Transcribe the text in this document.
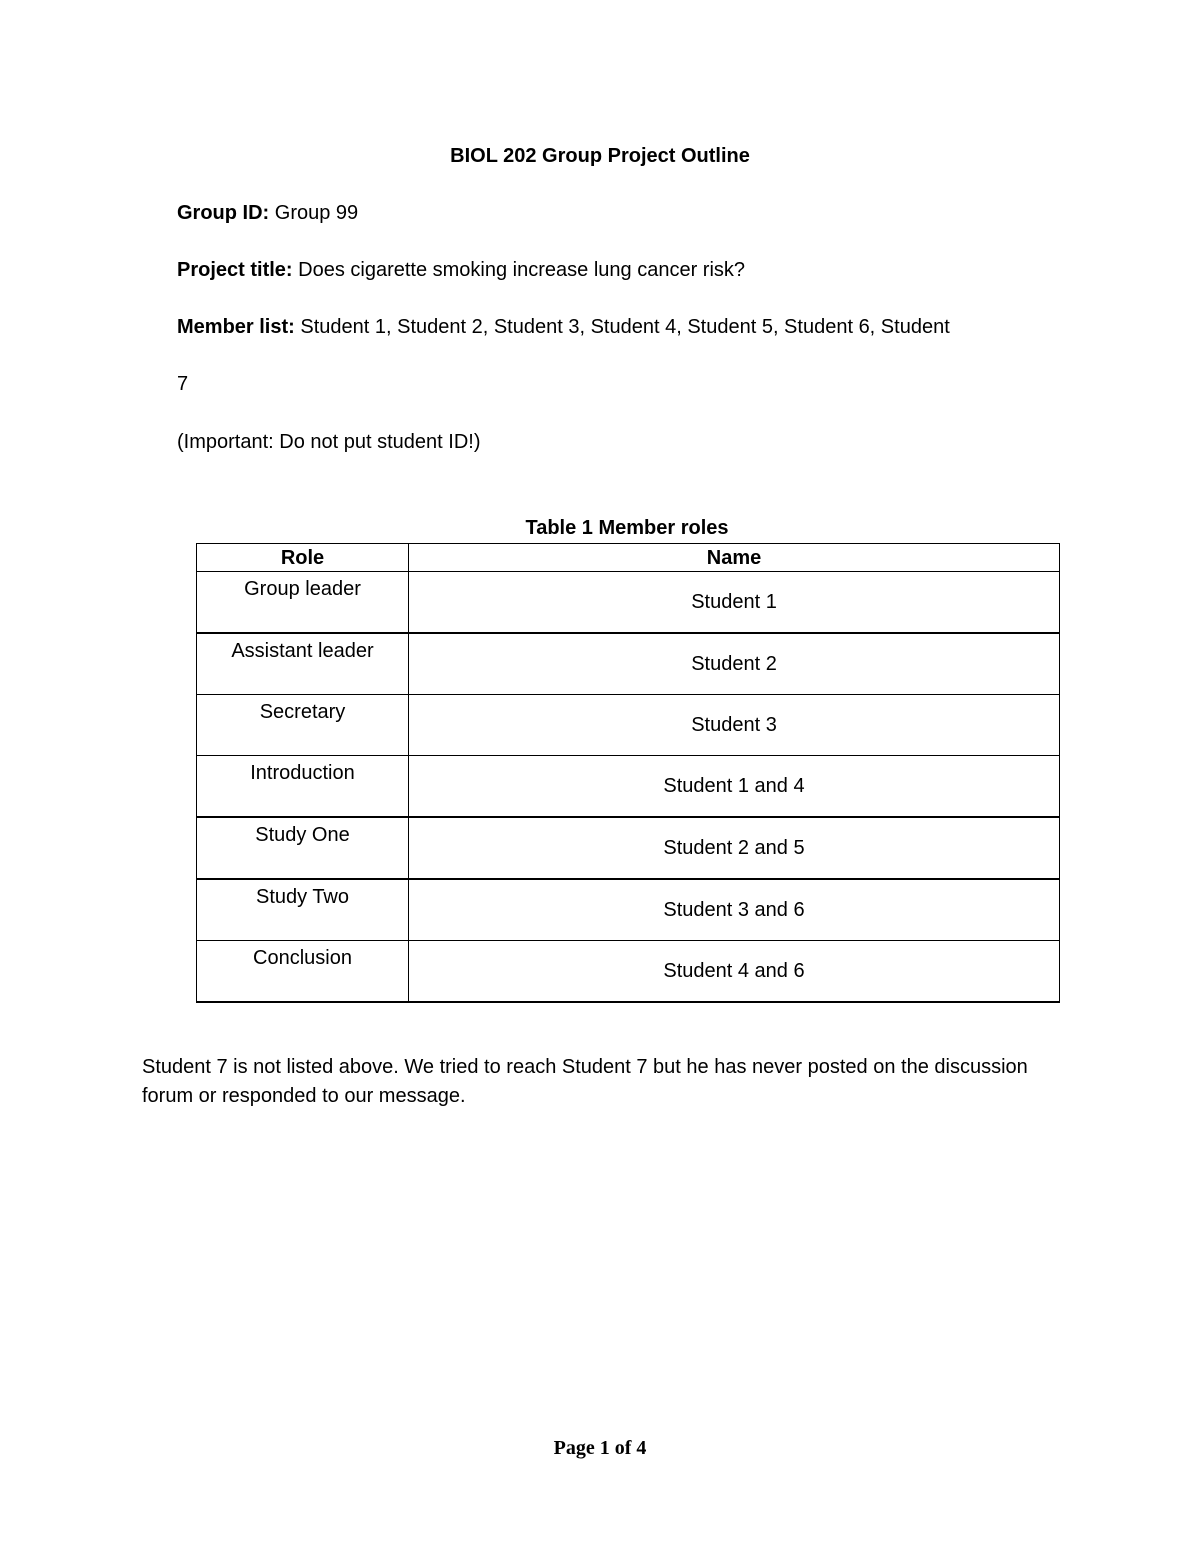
BIOL 202 Group Project Outline
Group ID: Group 99
Project title: Does cigarette smoking increase lung cancer risk?
Member list: Student 1, Student 2, Student 3, Student 4, Student 5, Student 6, Student
7
(Important: Do not put student ID!)
Table 1 Member roles
Role	Name
Group leader	Student 1
Assistant leader	Student 2
Secretary	Student 3
Introduction	Student 1 and 4
Study One	Student 2 and 5
Study Two	Student 3 and 6
Conclusion	Student 4 and 6
Student 7 is not listed above. We tried to reach Student 7 but he has never posted on the discussion forum or responded to our message.
Page 1 of 4
